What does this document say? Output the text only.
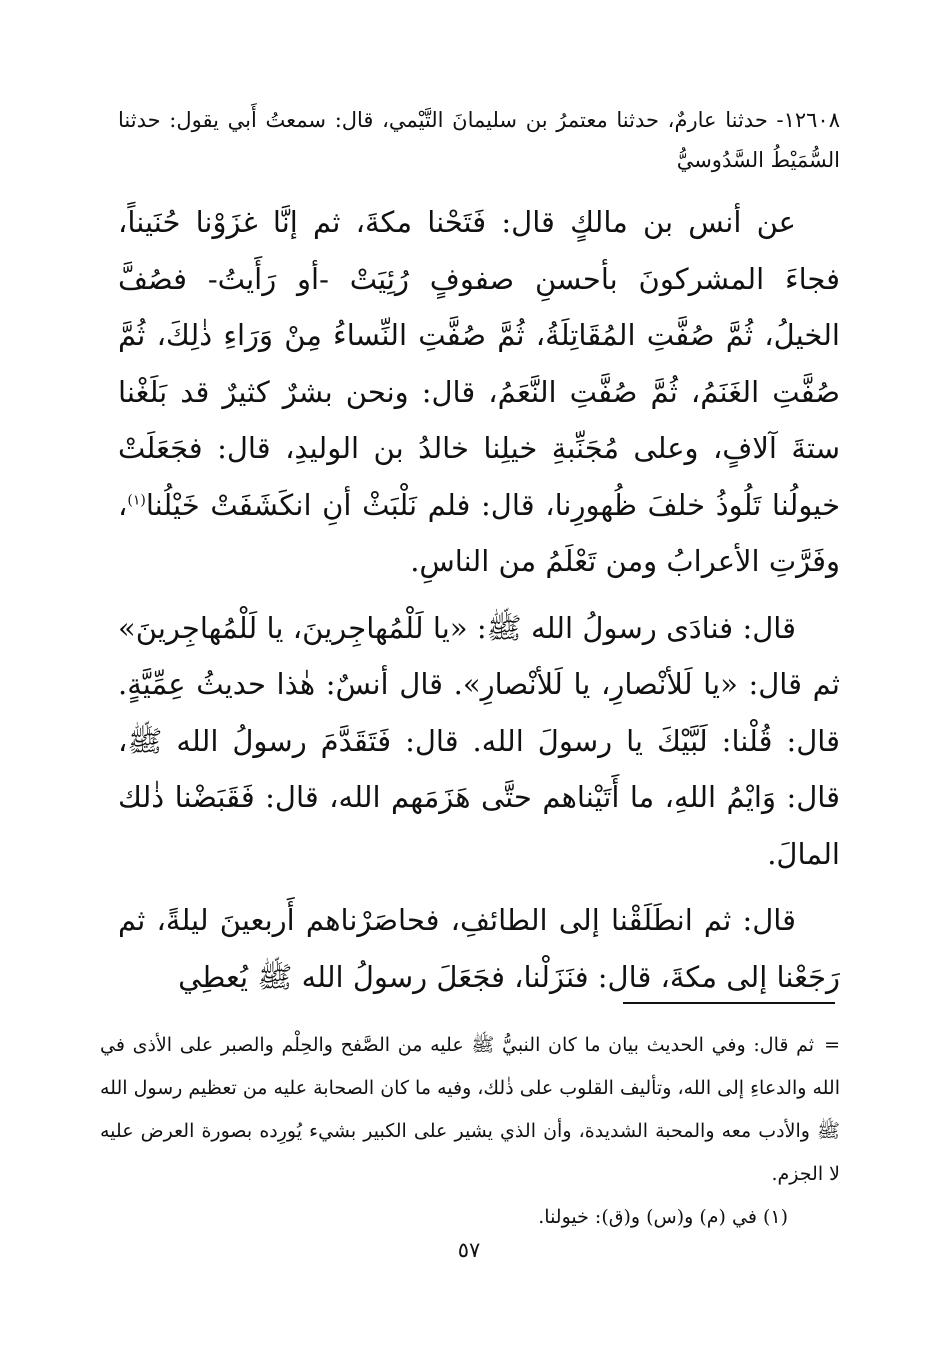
١٢٦٠٨- حدثنا عارمٌ، حدثنا معتمرُ بن سليمانَ التَّيْمي، قال: سمعتُ أَبي يقول: حدثنا السُّمَيْطُ السَّدُوسيُّ

عن أنس بن مالكٍ قال: فَتَحْنا مكةَ، ثم إنَّا غزَوْنا حُنَيناً، فجاءَ المشركونَ بأحسنِ صفوفٍ رُئِيَتْ -أو رَأَيتُ- فصُفَّ الخيلُ، ثُمَّ صُفَّتِ المُقَاتِلَةُ، ثُمَّ صُفَّتِ النِّساءُ مِنْ وَرَاءِ ذٰلِكَ، ثُمَّ صُفَّتِ الغَنَمُ، ثُمَّ صُفَّتِ النَّعَمُ، قال: ونحن بشرٌ كثيرٌ قد بَلَغْنا ستةَ آلافٍ، وعلى مُجَنِّبةِ خيلِنا خالدُ بن الوليدِ، قال: فجَعَلَتْ خيولُنا تَلُوذُ خلفَ ظُهورِنا، قال: فلم نَلْبَثْ أنِ انكَشَفَتْ خَيْلُنا$^{(١)}$، وفَرَّتِ الأعرابُ ومن تَعْلَمُ من الناسِ.

قال: فنادَى رسولُ الله ﷺ: «يا لَلْمُهاجِرينَ، يا لَلْمُهاجِرينَ» ثم قال: «يا لَلأنْصارِ، يا لَلأنْصارِ». قال أنسٌ: هٰذا حديثُ عِمِّيَّةٍ. قال: قُلْنا: لَبَّيْكَ يا رسولَ الله. قال: فَتَقَدَّمَ رسولُ الله ﷺ، قال: وَايْمُ اللهِ، ما أَتَيْناهم حتَّى هَزَمَهم الله، قال: فَقَبَضْنا ذٰلك المالَ.

قال: ثم انطَلَقْنا إلى الطائفِ، فحاصَرْناهم أَربعينَ ليلةً، ثم رَجَعْنا إلى مكةَ، قال: فنَزَلْنا، فجَعَلَ رسولُ الله ﷺ يُعطِي

=ثم قال: وفي الحديث بيان ما كان النبيُّ ﷺ عليه من الصَّفح والحِلْم والصبر على الأذى في الله والدعاءِ إلى الله، وتأليف القلوب على ذٰلك، وفيه ما كان الصحابة عليه من تعظيم رسول الله ﷺ والأدب معه والمحبة الشديدة، وأن الذي يشير على الكبير بشيء يُورِده بصورة العرض عليه لا الجزم.

(١) في (م) و(س) و(ق): خيولنا.

٥٧
